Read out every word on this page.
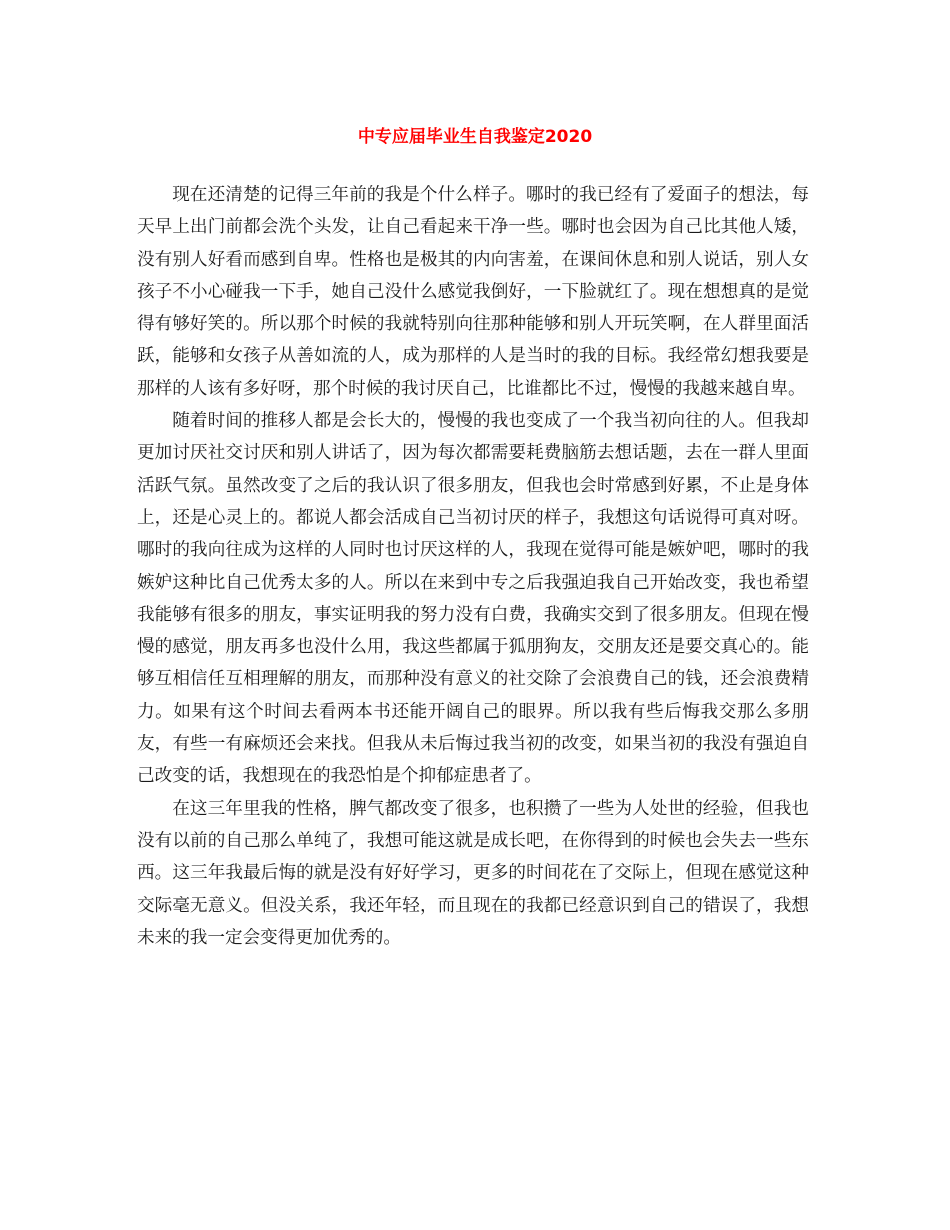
中专应届毕业生自我鉴定2020

现在还清楚的记得三年前的我是个什么样子。哪时的我已经有了爱面子的想法，每天早上出门前都会洗个头发，让自己看起来干净一些。哪时也会因为自己比其他人矮，没有别人好看而感到自卑。性格也是极其的内向害羞，在课间休息和别人说话，别人女孩子不小心碰我一下手，她自己没什么感觉我倒好，一下脸就红了。现在想想真的是觉得有够好笑的。所以那个时候的我就特别向往那种能够和别人开玩笑啊，在人群里面活跃，能够和女孩子从善如流的人，成为那样的人是当时的我的目标。我经常幻想我要是那样的人该有多好呀，那个时候的我讨厌自己，比谁都比不过，慢慢的我越来越自卑。

随着时间的推移人都是会长大的，慢慢的我也变成了一个我当初向往的人。但我却更加讨厌社交讨厌和别人讲话了，因为每次都需要耗费脑筋去想话题，去在一群人里面活跃气氛。虽然改变了之后的我认识了很多朋友，但我也会时常感到好累，不止是身体上，还是心灵上的。都说人都会活成自己当初讨厌的样子，我想这句话说得可真对呀。哪时的我向往成为这样的人同时也讨厌这样的人，我现在觉得可能是嫉妒吧，哪时的我嫉妒这种比自己优秀太多的人。所以在来到中专之后我强迫我自己开始改变，我也希望我能够有很多的朋友，事实证明我的努力没有白费，我确实交到了很多朋友。但现在慢慢的感觉，朋友再多也没什么用，我这些都属于狐朋狗友，交朋友还是要交真心的。能够互相信任互相理解的朋友，而那种没有意义的社交除了会浪费自己的钱，还会浪费精力。如果有这个时间去看两本书还能开阔自己的眼界。所以我有些后悔我交那么多朋友，有些一有麻烦还会来找。但我从未后悔过我当初的改变，如果当初的我没有强迫自己改变的话，我想现在的我恐怕是个抑郁症患者了。

在这三年里我的性格，脾气都改变了很多，也积攒了一些为人处世的经验，但我也没有以前的自己那么单纯了，我想可能这就是成长吧，在你得到的时候也会失去一些东西。这三年我最后悔的就是没有好好学习，更多的时间花在了交际上，但现在感觉这种交际毫无意义。但没关系，我还年轻，而且现在的我都已经意识到自己的错误了，我想未来的我一定会变得更加优秀的。
